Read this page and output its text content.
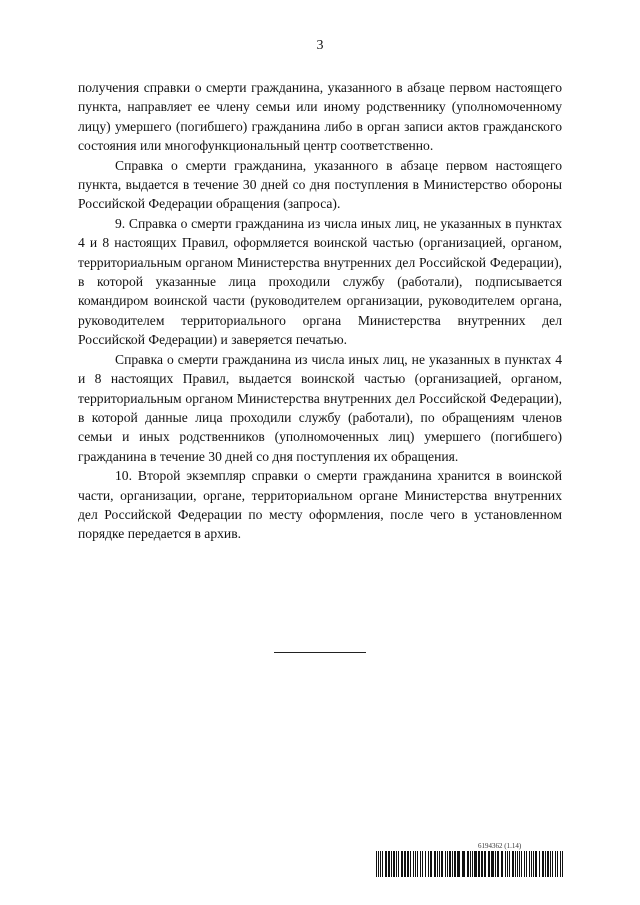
3

получения справки о смерти гражданина, указанного в абзаце первом настоящего пункта, направляет ее члену семьи или иному родственнику (уполномоченному лицу) умершего (погибшего) гражданина либо в орган записи актов гражданского состояния или многофункциональный центр соответственно.

Справка о смерти гражданина, указанного в абзаце первом настоящего пункта, выдается в течение 30 дней со дня поступления в Министерство обороны Российской Федерации обращения (запроса).

9. Справка о смерти гражданина из числа иных лиц, не указанных в пунктах 4 и 8 настоящих Правил, оформляется воинской частью (организацией, органом, территориальным органом Министерства внутренних дел Российской Федерации), в которой указанные лица проходили службу (работали), подписывается командиром воинской части (руководителем организации, руководителем органа, руководителем территориального органа Министерства внутренних дел Российской Федерации) и заверяется печатью.

Справка о смерти гражданина из числа иных лиц, не указанных в пунктах 4 и 8 настоящих Правил, выдается воинской частью (организацией, органом, территориальным органом Министерства внутренних дел Российской Федерации), в которой данные лица проходили службу (работали), по обращениям членов семьи и иных родственников (уполномоченных лиц) умершего (погибшего) гражданина в течение 30 дней со дня поступления их обращения.

10. Второй экземпляр справки о смерти гражданина хранится в воинской части, организации, органе, территориальном органе Министерства внутренних дел Российской Федерации по месту оформления, после чего в установленном порядке передается в архив.

6194362 (1.14)
